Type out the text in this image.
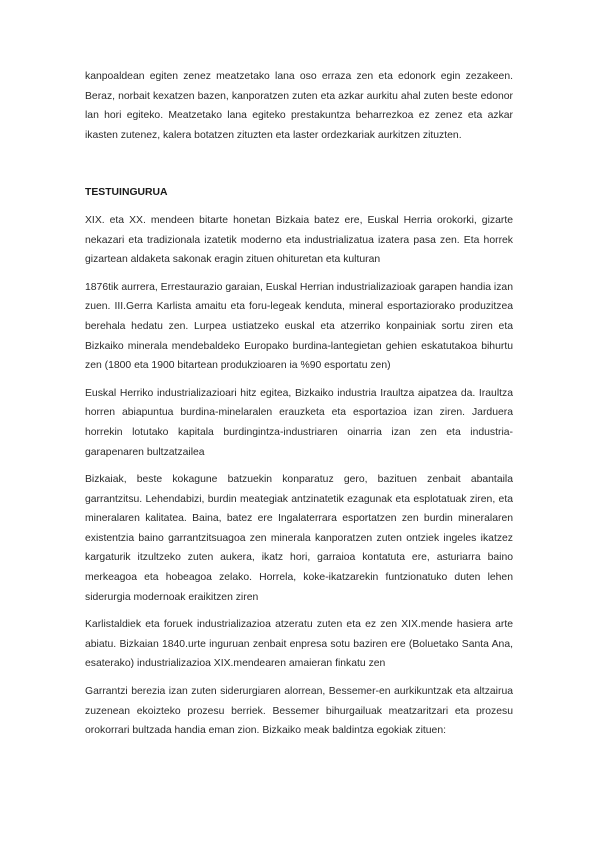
kanpoaldean egiten zenez meatzetako lana oso erraza zen eta edonork egin zezakeen. Beraz, norbait kexatzen bazen, kanporatzen zuten eta azkar aurkitu ahal zuten beste edonor lan hori egiteko. Meatzetako lana egiteko prestakuntza beharrezkoa ez zenez eta azkar ikasten zutenez, kalera botatzen zituzten eta laster ordezkariak aurkitzen zituzten.

TESTUINGURUA

XIX. eta XX. mendeen bitarte honetan Bizkaia batez ere, Euskal Herria orokorki, gizarte nekazari eta tradizionala izatetik moderno eta industrializatua izatera pasa zen. Eta horrek gizartean aldaketa sakonak eragin zituen ohituretan eta kulturan

1876tik aurrera, Errestaurazio garaian, Euskal Herrian industrializazioak garapen handia izan zuen. III.Gerra Karlista amaitu eta foru-legeak kenduta, mineral esportaziorako produzitzea berehala hedatu zen. Lurpea ustiatzeko euskal eta atzerriko konpainiak sortu ziren eta Bizkaiko minerala mendebaldeko Europako burdina-lantegietan gehien eskatutakoa bihurtu zen (1800 eta 1900 bitartean produkzioaren ia %90 esportatu zen)

Euskal Herriko industrializazioari hitz egitea, Bizkaiko industria Iraultza aipatzea da. Iraultza horren abiapuntua burdina-minelaralen erauzketa eta esportazioa izan ziren. Jarduera horrekin lotutako kapitala burdingintza-industriaren oinarria izan zen eta industria-garapenaren bultzatzailea

Bizkaiak, beste kokagune batzuekin konparatuz gero, bazituen zenbait abantaila garrantzitsu. Lehendabizi, burdin meategiak antzinatetik ezagunak eta esplotatuak ziren, eta mineralaren kalitatea. Baina, batez ere Ingalaterrara esportatzen zen burdin mineralaren existentzia baino garrantzitsuagoa zen minerala kanporatzen zuten ontziek ingeles ikatzez kargaturik itzultzeko zuten aukera, ikatz hori, garraioa kontatuta ere, asturiarra baino merkeagoa eta hobeagoa zelako. Horrela, koke-ikatzarekin funtzionatuko duten lehen siderurgia modernoak eraikitzen ziren

Karlistaldiek eta foruek industrializazioa atzeratu zuten eta ez zen XIX.mende hasiera arte abiatu. Bizkaian 1840.urte inguruan zenbait enpresa sotu baziren ere (Boluetako Santa Ana, esaterako) industrializazioa XIX.mendearen amaieran finkatu zen

Garrantzi berezia izan zuten siderurgiaren alorrean, Bessemer-en aurkikuntzak eta altzairua zuzenean ekoizteko prozesu berriek. Bessemer bihurgailuak meatzaritzari eta prozesu orokorrari bultzada handia eman zion. Bizkaiko meak baldintza egokiak zituen:
